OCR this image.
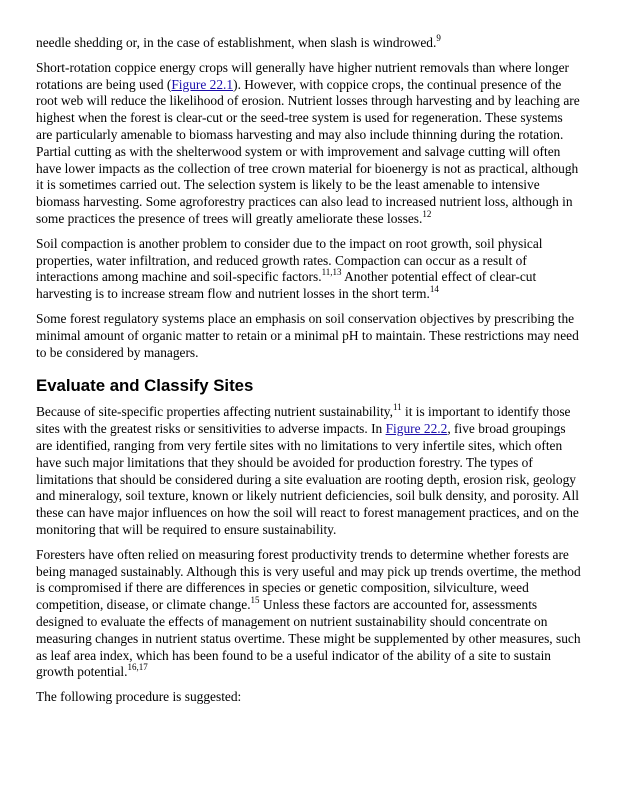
needle shedding or, in the case of establishment, when slash is windrowed.$^9$

Short-rotation coppice energy crops will generally have higher nutrient removals than where longer rotations are being used (Figure 22.1). However, with coppice crops, the continual presence of the root web will reduce the likelihood of erosion. Nutrient losses through harvesting and by leaching are highest when the forest is clear-cut or the seed-tree system is used for regeneration. These systems are particularly amenable to biomass harvesting and may also include thinning during the rotation. Partial cutting as with the shelterwood system or with improvement and salvage cutting will often have lower impacts as the collection of tree crown material for bioenergy is not as practical, although it is sometimes carried out. The selection system is likely to be the least amenable to intensive biomass harvesting. Some agroforestry practices can also lead to increased nutrient loss, although in some practices the presence of trees will greatly ameliorate these losses.$^{12}$

Soil compaction is another problem to consider due to the impact on root growth, soil physical properties, water infiltration, and reduced growth rates. Compaction can occur as a result of interactions among machine and soil-specific factors.$^{11,13}$ Another potential effect of clear-cut harvesting is to increase stream flow and nutrient losses in the short term.$^{14}$

Some forest regulatory systems place an emphasis on soil conservation objectives by prescribing the minimal amount of organic matter to retain or a minimal pH to maintain. These restrictions may need to be considered by managers.

Evaluate and Classify Sites

Because of site-specific properties affecting nutrient sustainability,$^{11}$ it is important to identify those sites with the greatest risks or sensitivities to adverse impacts. In Figure 22.2, five broad groupings are identified, ranging from very fertile sites with no limitations to very infertile sites, which often have such major limitations that they should be avoided for production forestry. The types of limitations that should be considered during a site evaluation are rooting depth, erosion risk, geology and mineralogy, soil texture, known or likely nutrient deficiencies, soil bulk density, and porosity. All these can have major influences on how the soil will react to forest management practices, and on the monitoring that will be required to ensure sustainability.

Foresters have often relied on measuring forest productivity trends to determine whether forests are being managed sustainably. Although this is very useful and may pick up trends overtime, the method is compromised if there are differences in species or genetic composition, silviculture, weed competition, disease, or climate change.$^{15}$ Unless these factors are accounted for, assessments designed to evaluate the effects of management on nutrient sustainability should concentrate on measuring changes in nutrient status overtime. These might be supplemented by other measures, such as leaf area index, which has been found to be a useful indicator of the ability of a site to sustain growth potential.$^{16,17}$

The following procedure is suggested:
